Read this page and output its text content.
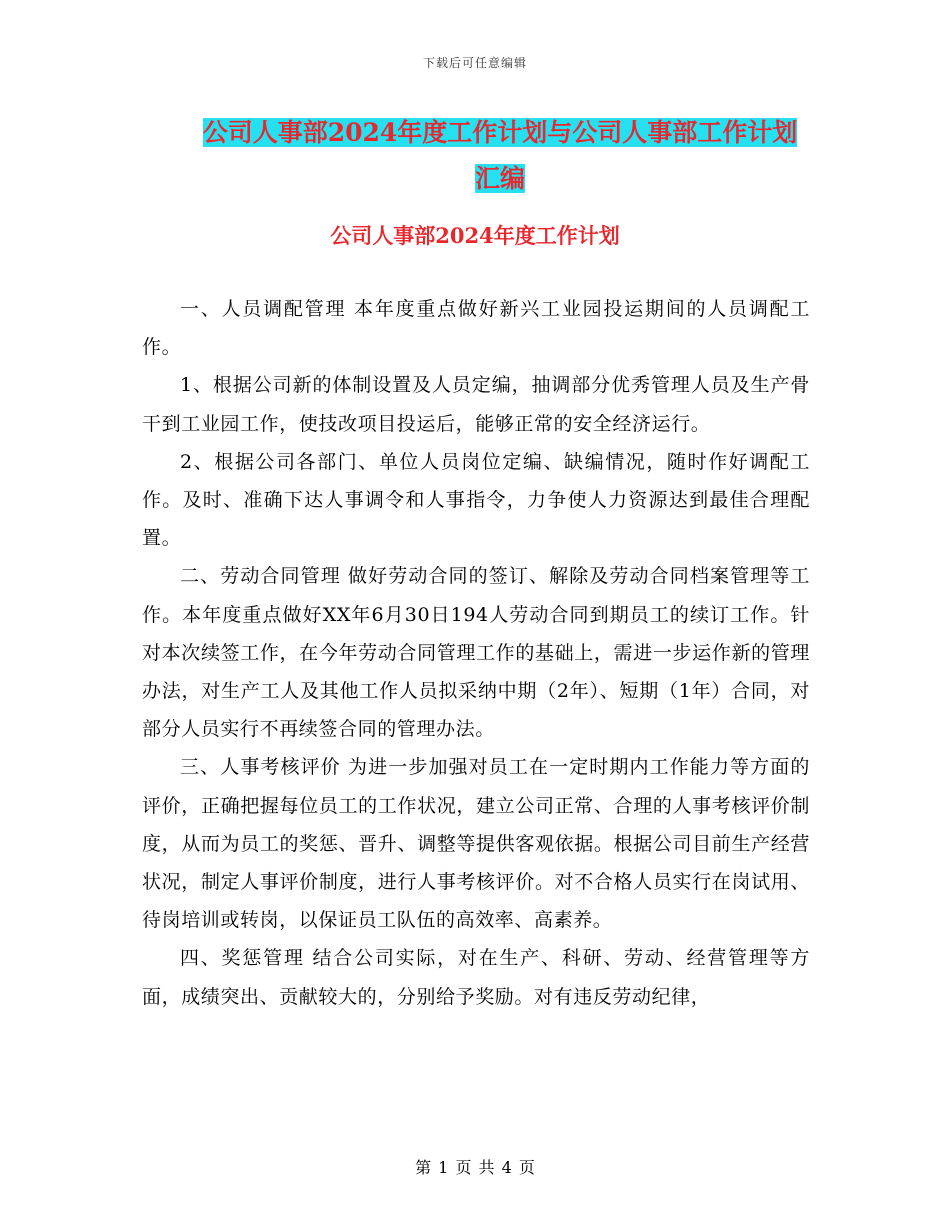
下载后可任意编辑
公司人事部2024年度工作计划与公司人事部工作计划
汇编
公司人事部2024年度工作计划

一、人员调配管理 本年度重点做好新兴工业园投运期间的人员调配工作。

1、根据公司新的体制设置及人员定编，抽调部分优秀管理人员及生产骨干到工业园工作，使技改项目投运后，能够正常的安全经济运行。

2、根据公司各部门、单位人员岗位定编、缺编情况，随时作好调配工作。及时、准确下达人事调令和人事指令，力争使人力资源达到最佳合理配置。

二、劳动合同管理 做好劳动合同的签订、解除及劳动合同档案管理等工作。本年度重点做好XX年6月30日194人劳动合同到期员工的续订工作。针对本次续签工作，在今年劳动合同管理工作的基础上，需进一步运作新的管理办法，对生产工人及其他工作人员拟采纳中期（2年）、短期（1年）合同，对部分人员实行不再续签合同的管理办法。

三、人事考核评价 为进一步加强对员工在一定时期内工作能力等方面的评价，正确把握每位员工的工作状况，建立公司正常、合理的人事考核评价制度，从而为员工的奖惩、晋升、调整等提供客观依据。根据公司目前生产经营状况，制定人事评价制度，进行人事考核评价。对不合格人员实行在岗试用、待岗培训或转岗，以保证员工队伍的高效率、高素养。

四、奖惩管理 结合公司实际，对在生产、科研、劳动、经营管理等方面，成绩突出、贡献较大的，分别给予奖励。对有违反劳动纪律，

第 1 页 共 4 页
